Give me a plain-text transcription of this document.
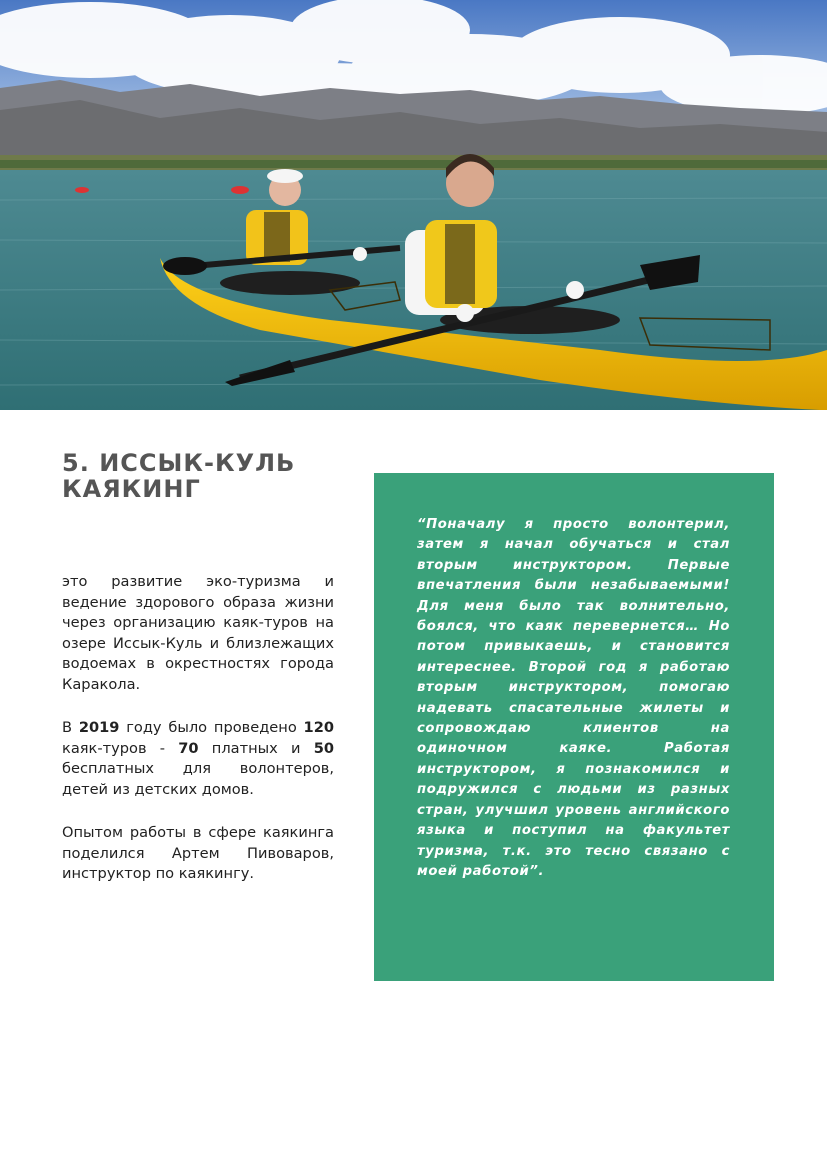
5. ИССЫК-КУЛЬ
КАЯКИНГ

это развитие эко-туризма и ведение здорового образа жизни через организацию каяк-туров на озере Иссык-Куль и близлежащих водоемах в окрестностях города Каракола.

В 2019 году было проведено 120 каяк-туров - 70 платных и 50 бесплатных для волонтеров, детей из детских домов.

Опытом работы в сфере каякинга поделился Артем Пивоваров, инструктор по каякингу.

“Поначалу я просто волонтерил, затем я начал обучаться и стал вторым инструктором. Первые впечатления были незабываемыми! Для меня было так волнительно, боялся, что каяк перевернется… Но потом привыкаешь, и становится интереснее. Второй год я работаю вторым инструктором, помогаю надевать спасательные жилеты и сопровождаю клиентов на одиночном каяке. Работая инструктором, я познакомился и подружился с людьми из разных стран, улучшил уровень английского языка и поступил на факультет туризма, т.к. это тесно связано с моей работой”.
